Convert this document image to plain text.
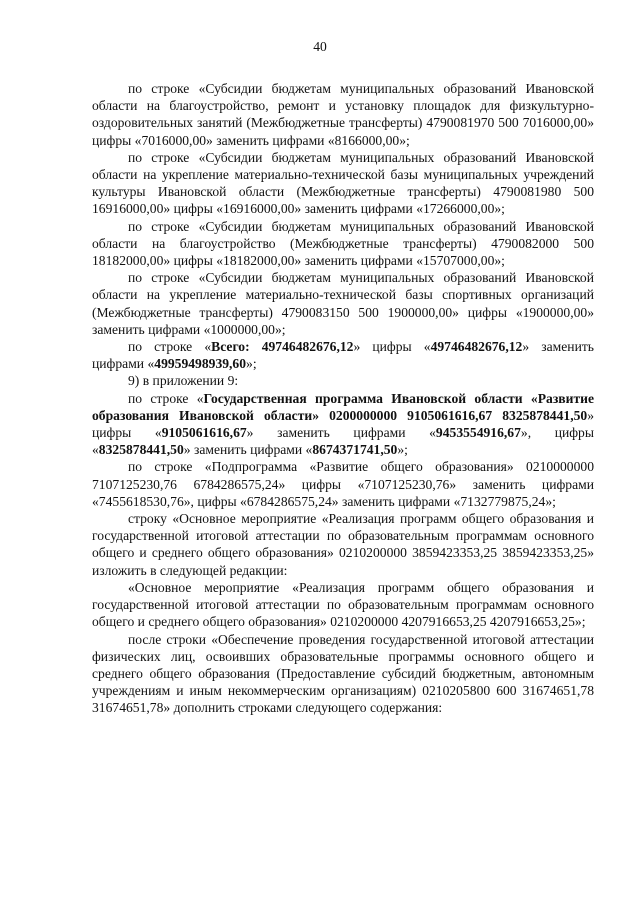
40

по строке «Субсидии бюджетам муниципальных образований Ивановской области на благоустройство, ремонт и установку площадок для физкультурно-оздоровительных занятий (Межбюджетные трансферты) 4790081970 500 7016000,00» цифры «7016000,00» заменить цифрами «8166000,00»;

по строке «Субсидии бюджетам муниципальных образований Ивановской области на укрепление материально-технической базы муниципальных учреждений культуры Ивановской области (Межбюджетные трансферты) 4790081980 500 16916000,00» цифры «16916000,00» заменить цифрами «17266000,00»;

по строке «Субсидии бюджетам муниципальных образований Ивановской области на благоустройство (Межбюджетные трансферты) 4790082000 500 18182000,00» цифры «18182000,00» заменить цифрами «15707000,00»;

по строке «Субсидии бюджетам муниципальных образований Ивановской области на укрепление материально-технической базы спортивных организаций (Межбюджетные трансферты) 4790083150 500 1900000,00» цифры «1900000,00» заменить цифрами «1000000,00»;

по строке «Всего: 49746482676,12» цифры «49746482676,12» заменить цифрами «49959498939,60»;

9) в приложении 9:

по строке «Государственная программа Ивановской области «Развитие образования Ивановской области» 0200000000 9105061616,67 8325878441,50» цифры «9105061616,67» заменить цифрами «9453554916,67», цифры «8325878441,50» заменить цифрами «8674371741,50»;

по строке «Подпрограмма «Развитие общего образования» 0210000000 7107125230,76 6784286575,24» цифры «7107125230,76» заменить цифрами «7455618530,76», цифры «6784286575,24» заменить цифрами «7132779875,24»;

строку «Основное мероприятие «Реализация программ общего образования и государственной итоговой аттестации по образовательным программам основного общего и среднего общего образования» 0210200000 3859423353,25 3859423353,25» изложить в следующей редакции:

«Основное мероприятие «Реализация программ общего образования и государственной итоговой аттестации по образовательным программам основного общего и среднего общего образования» 0210200000 4207916653,25 4207916653,25»;

после строки «Обеспечение проведения государственной итоговой аттестации физических лиц, освоивших образовательные программы основного общего и среднего общего образования (Предоставление субсидий бюджетным, автономным учреждениям и иным некоммерческим организациям) 0210205800 600 31674651,78 31674651,78» дополнить строками следующего содержания:
